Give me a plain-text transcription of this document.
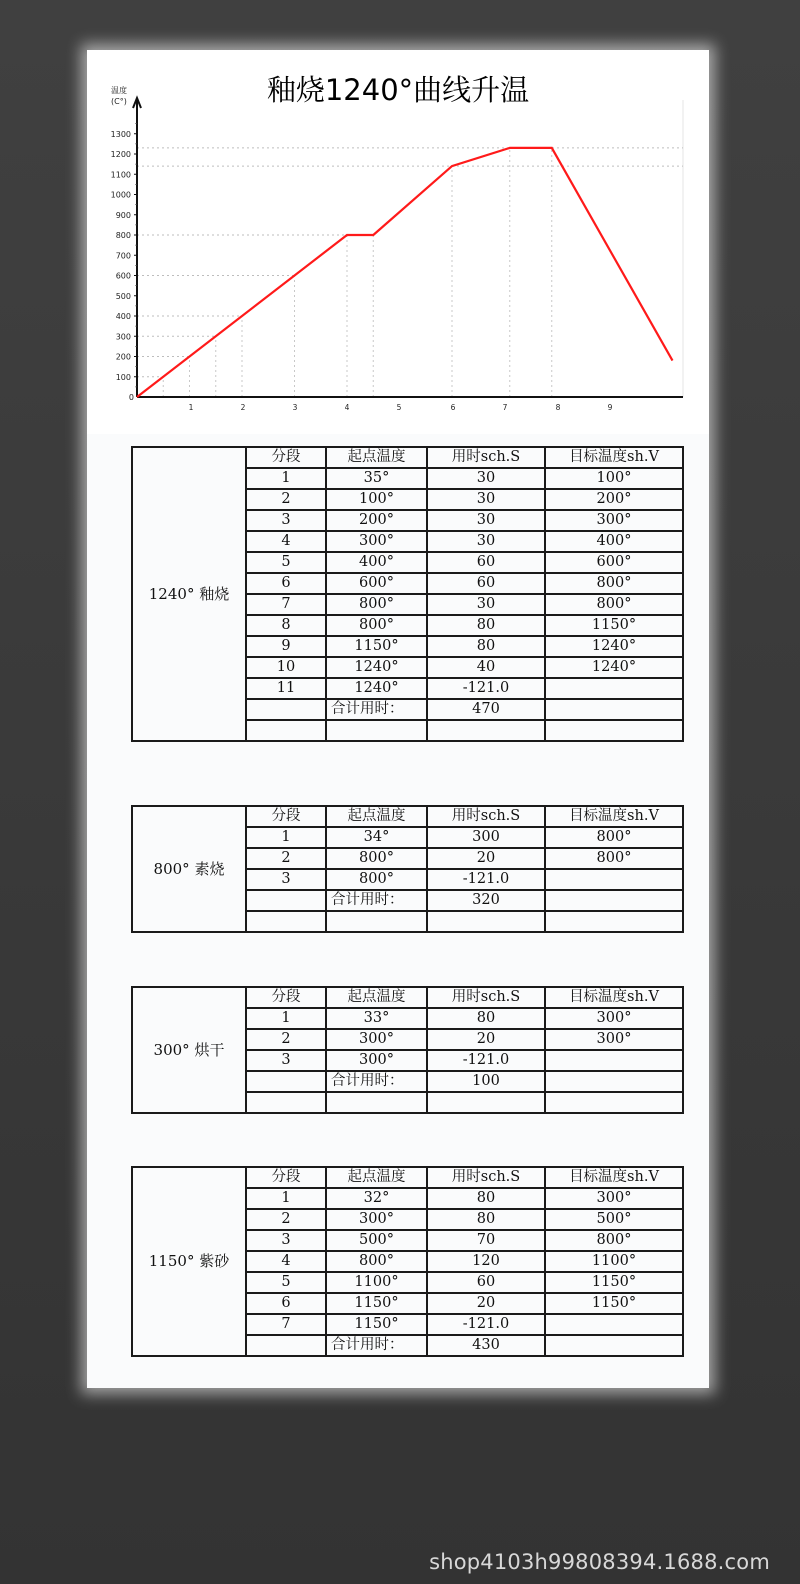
釉烧1240°曲线升温
100
200
300
400
500
600
700
800
900
1000
1100
1200
1300
0
1	2	3	4	5	6	7	8	9
温度
(C°)
1240° 釉烧	分段	起点温度	用时sch.S	目标温度sh.V
	1	35°	30	100°
	2	100°	30	200°
	3	200°	30	300°
	4	300°	30	400°
	5	400°	60	600°
	6	600°	60	800°
	7	800°	30	800°
	8	800°	80	1150°
	9	1150°	80	1240°
	10	1240°	40	1240°
	11	1240°	-121.0	
		合计用时：	470	

800° 素烧	分段	起点温度	用时sch.S	目标温度sh.V
	1	34°	300	800°
	2	800°	20	800°
	3	800°	-121.0	
		合计用时：	320	

300° 烘干	分段	起点温度	用时sch.S	目标温度sh.V
	1	33°	80	300°
	2	300°	20	300°
	3	300°	-121.0	
		合计用时：	100	

1150° 紫砂	分段	起点温度	用时sch.S	目标温度sh.V
	1	32°	80	300°
	2	300°	80	500°
	3	500°	70	800°
	4	800°	120	1100°
	5	1100°	60	1150°
	6	1150°	20	1150°
	7	1150°	-121.0	
		合计用时：	430	
shop4103h99808394.1688.com
